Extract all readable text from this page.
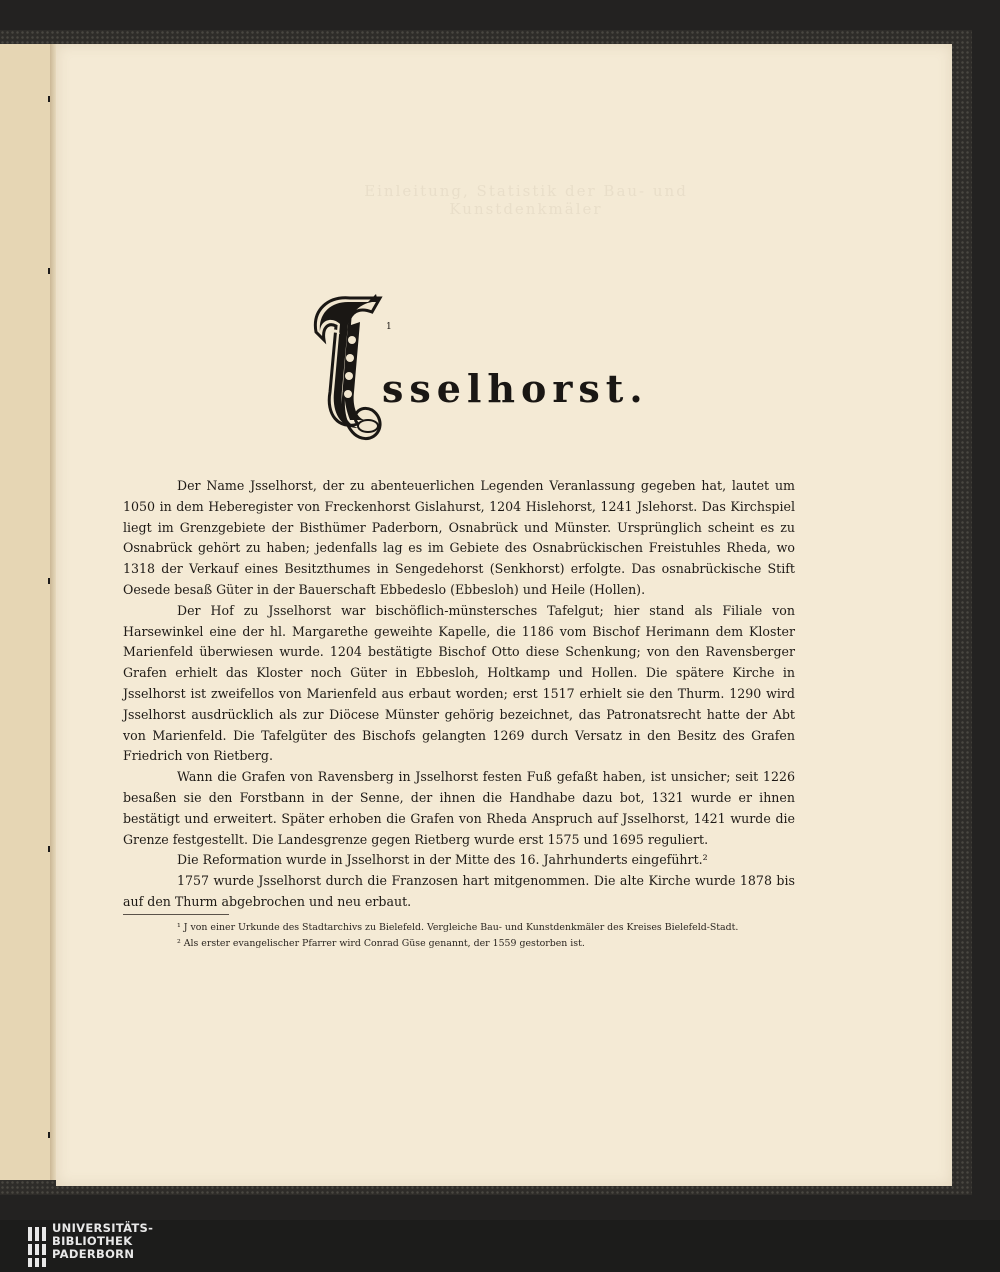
Einleitung, Statistik der Bau- und Kunstdenkmäler
1
sselhorst.

Der Name Jsselhorst, der zu abenteuerlichen Legenden Veranlassung gegeben hat, lautet um 1050 in dem Heberegister von Freckenhorst Gislahurst, 1204 Hislehorst, 1241 Jslehorst. Das Kirchspiel liegt im Grenzgebiete der Bisthümer Paderborn, Osnabrück und Münster. Ursprünglich scheint es zu Osnabrück gehört zu haben; jedenfalls lag es im Gebiete des Osnabrückischen Freistuhles Rheda, wo 1318 der Verkauf eines Besitzthumes in Sengedehorst (Senkhorst) erfolgte. Das osnabrückische Stift Oesede besaß Güter in der Bauerschaft Ebbedeslo (Ebbesloh) und Heile (Hollen).

Der Hof zu Jsselhorst war bischöflich-münstersches Tafelgut; hier stand als Filiale von Harsewinkel eine der hl. Margarethe geweihte Kapelle, die 1186 vom Bischof Herimann dem Kloster Marienfeld überwiesen wurde. 1204 bestätigte Bischof Otto diese Schenkung; von den Ravensberger Grafen erhielt das Kloster noch Güter in Ebbesloh, Holtkamp und Hollen. Die spätere Kirche in Jsselhorst ist zweifellos von Marienfeld aus erbaut worden; erst 1517 erhielt sie den Thurm. 1290 wird Jsselhorst ausdrücklich als zur Diöcese Münster gehörig bezeichnet, das Patronatsrecht hatte der Abt von Marienfeld. Die Tafelgüter des Bischofs gelangten 1269 durch Versatz in den Besitz des Grafen Friedrich von Rietberg.

Wann die Grafen von Ravensberg in Jsselhorst festen Fuß gefaßt haben, ist unsicher; seit 1226 besaßen sie den Forstbann in der Senne, der ihnen die Handhabe dazu bot, 1321 wurde er ihnen bestätigt und erweitert. Später erhoben die Grafen von Rheda Anspruch auf Jsselhorst, 1421 wurde die Grenze festgestellt. Die Landesgrenze gegen Rietberg wurde erst 1575 und 1695 reguliert.

Die Reformation wurde in Jsselhorst in der Mitte des 16. Jahrhunderts eingeführt.²

1757 wurde Jsselhorst durch die Franzosen hart mitgenommen. Die alte Kirche wurde 1878 bis auf den Thurm abgebrochen und neu erbaut.

¹ J von einer Urkunde des Stadtarchivs zu Bielefeld. Vergleiche Bau- und Kunstdenkmäler des Kreises Bielefeld-Stadt.

² Als erster evangelischer Pfarrer wird Conrad Güse genannt, der 1559 gestorben ist.

UNIVERSITÄTS-
BIBLIOTHEK
PADERBORN
